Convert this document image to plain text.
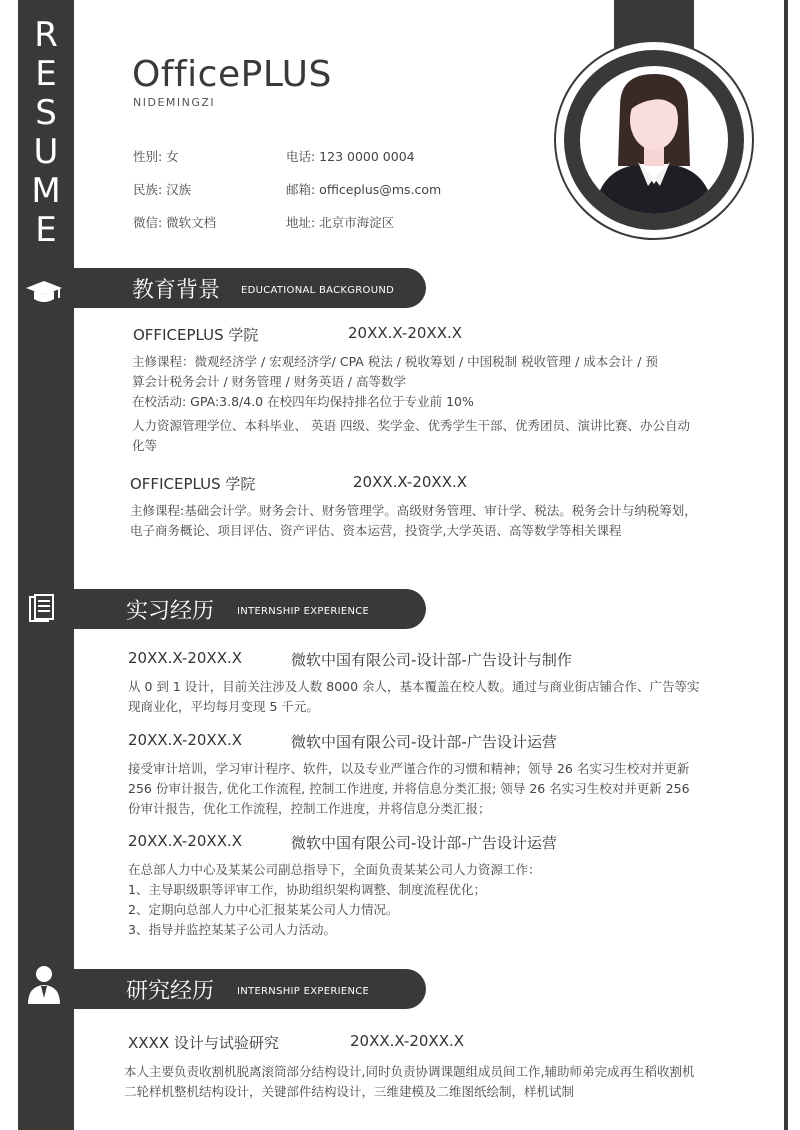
R
E
S
U
M
E
OfficePLUS
NIDEMINGZI
性别: 女
民族: 汉族
微信: 微软文档
电话: 123 0000 0004
邮箱: officeplus@ms.com
地址: 北京市海淀区
教育背景 EDUCATIONAL BACKGROUND
OFFICEPLUS 学院	20XX.X-20XX.X
主修课程：微观经济学 / 宏观经济学/ CPA 税法 / 税收筹划 / 中国税制 税收管理 / 成本会计 / 预
算会计税务会计 / 财务管理 / 财务英语 / 高等数学
在校活动: GPA:3.8/4.0 在校四年均保持排名位于专业前 10%
人力资源管理学位、本科毕业、 英语 四级、奖学金、优秀学生干部、优秀团员、演讲比赛、办公自动
化等
OFFICEPLUS 学院	20XX.X-20XX.X
主修课程:基础会计学。财务会计、财务管理学。高级财务管理、审计学、税法。税务会计与纳税筹划，
电子商务概论、项目评估、资产评估、资本运营，投资学,大学英语、高等数学等相关课程
实习经历 INTERNSHIP EXPERIENCE
20XX.X-20XX.X	微软中国有限公司-设计部-广告设计与制作
从 0 到 1 设计，目前关注涉及人数 8000 余人，基本覆盖在校人数。通过与商业街店铺合作、广告等实
现商业化，平均每月变现 5 千元。
20XX.X-20XX.X	微软中国有限公司-设计部-广告设计运营
接受审计培训，学习审计程序、软件，以及专业严谨合作的习惯和精神；领导 26 名实习生校对并更新
256 份审计报告, 优化工作流程, 控制工作进度, 并将信息分类汇报; 领导 26 名实习生校对并更新 256
份审计报告，优化工作流程，控制工作进度，并将信息分类汇报；
20XX.X-20XX.X	微软中国有限公司-设计部-广告设计运营
在总部人力中心及某某公司副总指导下，全面负责某某公司人力资源工作：
1、主导职级职等评审工作，协助组织架构调整、制度流程优化；
2、定期向总部人力中心汇报某某公司人力情况。
3、指导并监控某某子公司人力活动。
研究经历 INTERNSHIP EXPERIENCE
XXXX 设计与试验研究	20XX.X-20XX.X
本人主要负责收割机脱离滚筒部分结构设计,同时负责协调课题组成员间工作,辅助师弟完成再生稻收割机
二轮样机整机结构设计，关键部件结构设计，三维建模及二维图纸绘制，样机试制
